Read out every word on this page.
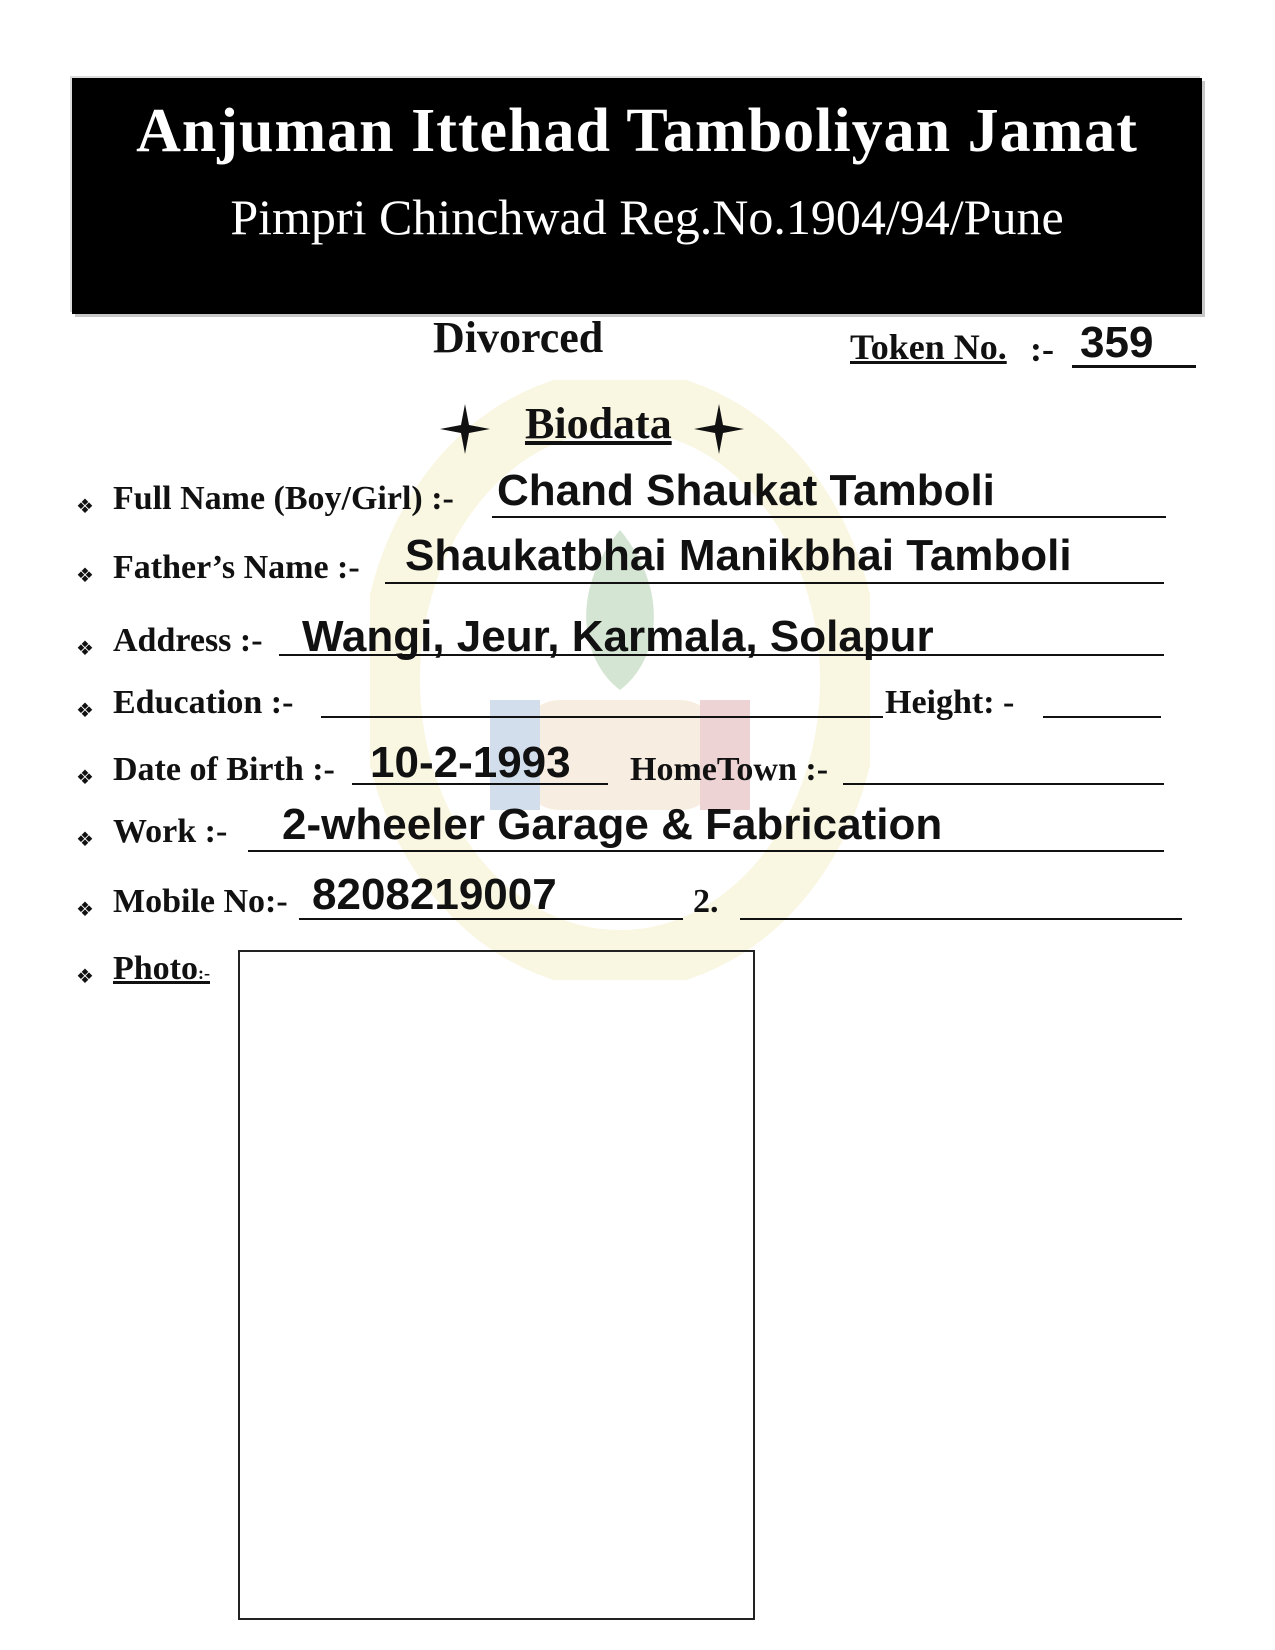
Anjuman Ittehad Tamboliyan Jamat
Pimpri Chinchwad Reg.No.1904/94/Pune
Divorced	Token No. :- 359
Biodata
❖ Full Name (Boy/Girl) :- Chand Shaukat Tamboli
❖ Father’s Name :- Shaukatbhai Manikbhai Tamboli
❖ Address :- Wangi, Jeur, Karmala, Solapur
❖ Education :-	Height: -
❖ Date of Birth :- 10-2-1993 HomeTown :-
❖ Work :- 2-wheeler Garage & Fabrication
❖ Mobile No:- 8208219007	2.
❖ Photo:-
